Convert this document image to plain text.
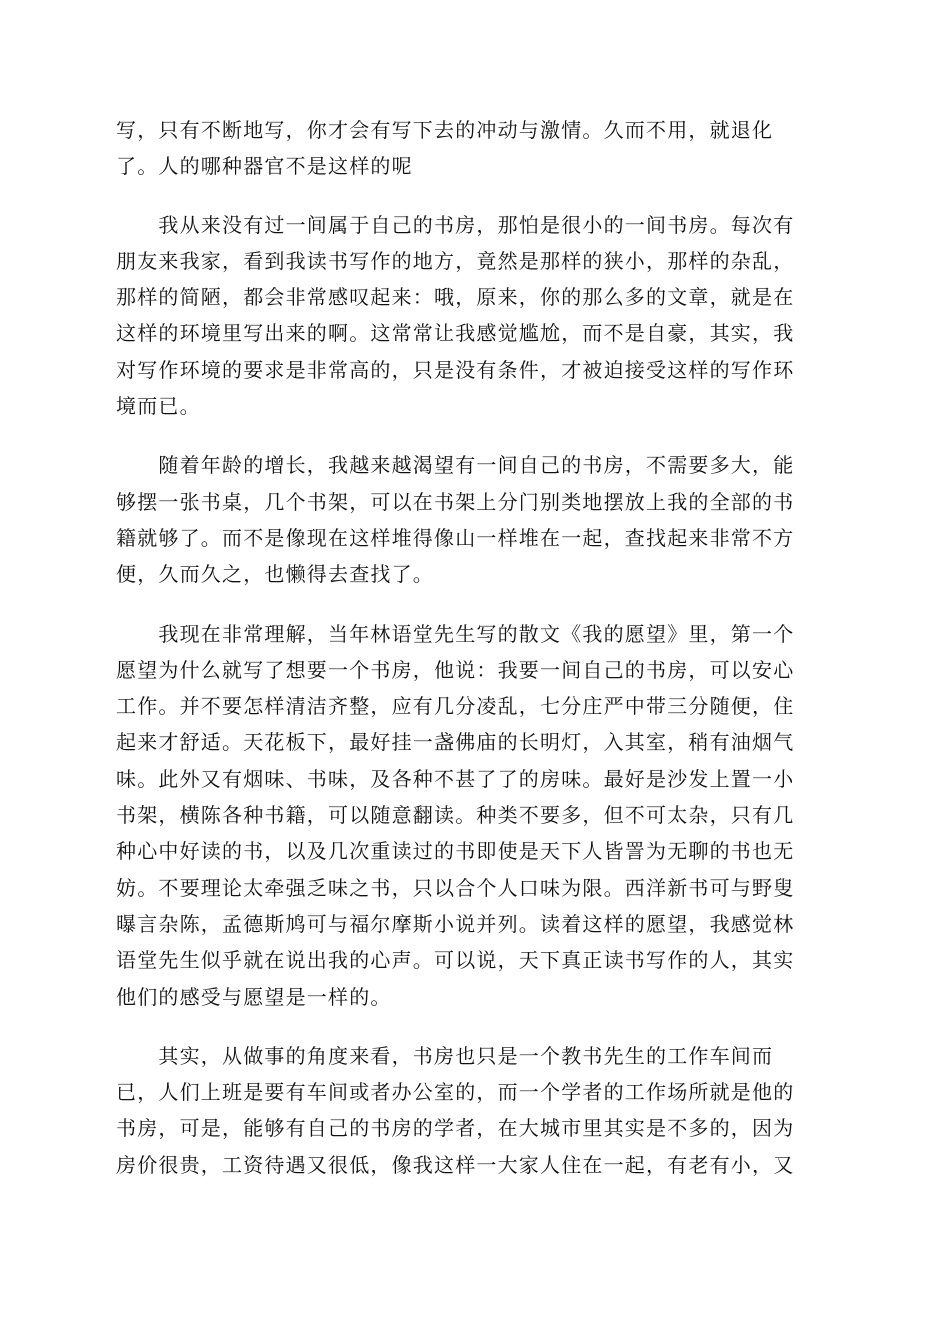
写，只有不断地写，你才会有写下去的冲动与激情。久而不用，就退化
了。人的哪种器官不是这样的呢
　　我从来没有过一间属于自己的书房，那怕是很小的一间书房。每次有
朋友来我家，看到我读书写作的地方，竟然是那样的狭小，那样的杂乱，
那样的简陋，都会非常感叹起来：哦，原来，你的那么多的文章，就是在
这样的环境里写出来的啊。这常常让我感觉尴尬，而不是自豪，其实，我
对写作环境的要求是非常高的，只是没有条件，才被迫接受这样的写作环
境而已。
　　随着年龄的增长，我越来越渴望有一间自己的书房，不需要多大，能
够摆一张书桌，几个书架，可以在书架上分门别类地摆放上我的全部的书
籍就够了。而不是像现在这样堆得像山一样堆在一起，查找起来非常不方
便，久而久之，也懒得去查找了。
　　我现在非常理解，当年林语堂先生写的散文《我的愿望》里，第一个
愿望为什么就写了想要一个书房，他说：我要一间自己的书房，可以安心
工作。并不要怎样清洁齐整，应有几分凌乱，七分庄严中带三分随便，住
起来才舒适。天花板下，最好挂一盏佛庙的长明灯，入其室，稍有油烟气
味。此外又有烟味、书味，及各种不甚了了的房味。最好是沙发上置一小
书架，横陈各种书籍，可以随意翻读。种类不要多，但不可太杂，只有几
种心中好读的书，以及几次重读过的书即使是天下人皆詈为无聊的书也无
妨。不要理论太牵强乏味之书，只以合个人口味为限。西洋新书可与野叟
曝言杂陈，孟德斯鸠可与福尔摩斯小说并列。读着这样的愿望，我感觉林
语堂先生似乎就在说出我的心声。可以说，天下真正读书写作的人，其实
他们的感受与愿望是一样的。
　　其实，从做事的角度来看，书房也只是一个教书先生的工作车间而
已，人们上班是要有车间或者办公室的，而一个学者的工作场所就是他的
书房，可是，能够有自己的书房的学者，在大城市里其实是不多的，因为
房价很贵，工资待遇又很低，像我这样一大家人住在一起，有老有小，又
